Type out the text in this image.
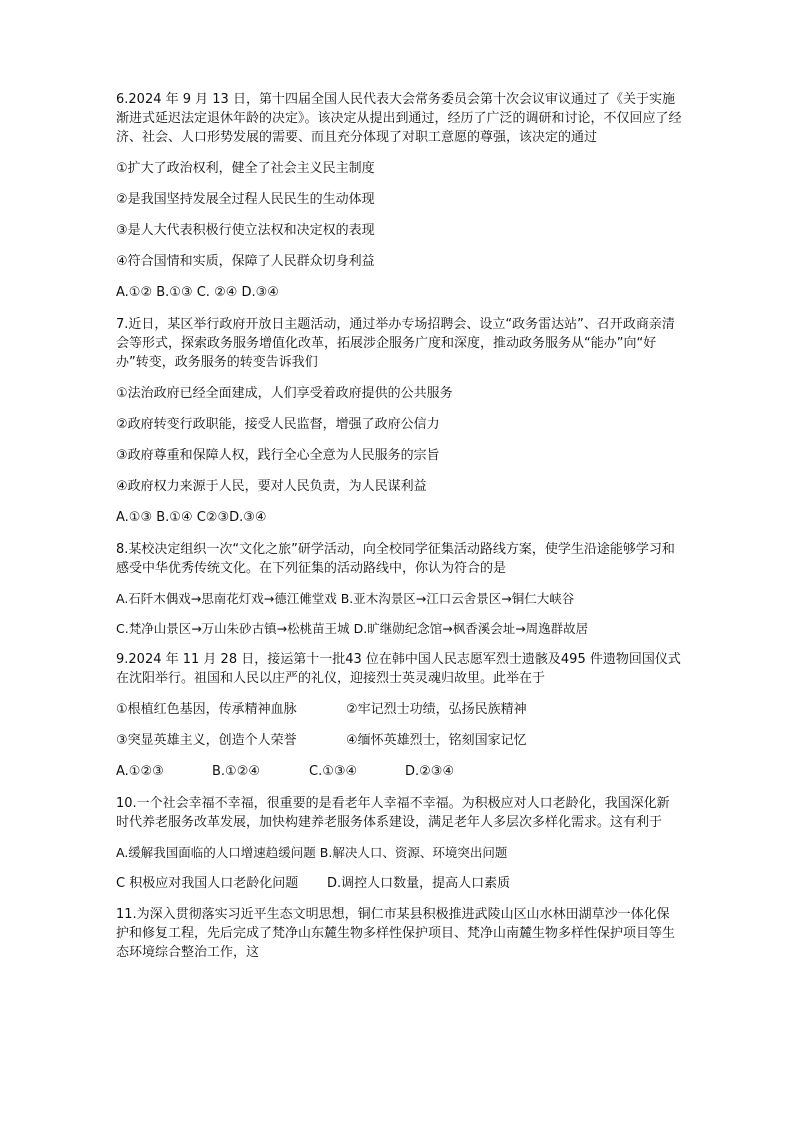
6.2024 年 9 月 13 日，第十四届全国人民代表大会常务委员会第十次会议审议通过了《关于实施渐进式延迟法定退休年龄的决定》。该决定从提出到通过，经历了广泛的调研和讨论，不仅回应了经济、社会、人口形势发展的需要、而且充分体现了对职工意愿的尊强，该决定的通过

①扩大了政治权利，健全了社会主义民主制度

②是我国坚持发展全过程人民民生的生动体现

③是人大代表积极行使立法权和决定权的表现

④符合国情和实质，保障了人民群众切身利益

A.①② B.①③ C. ②④ D.③④

7.近日，某区举行政府开放日主题活动，通过举办专场招聘会、设立“政务雷达站”、召开政商亲清会等形式，探索政务服务增值化改革，拓展涉企服务广度和深度，推动政务服务从“能办”向“好办”转变，政务服务的转变告诉我们

①法治政府已经全面建成，人们享受着政府提供的公共服务

②政府转变行政职能，接受人民监督，增强了政府公信力

③政府尊重和保障人权，践行全心全意为人民服务的宗旨

④政府权力来源于人民，要对人民负责，为人民谋利益

A.①③ B.①④ C②③D.③④

8.某校决定组织一次“文化之旅”研学活动，向全校同学征集活动路线方案，使学生沿途能够学习和感受中华优秀传统文化。在下列征集的活动路线中，你认为符合的是

A.石阡木偶戏→思南花灯戏→德江傩堂戏 B.亚木沟景区→江口云舍景区→铜仁大峡谷

C.梵净山景区→万山朱砂古镇→松桃苗王城 D.旷继勋纪念馆→枫香溪会址→周逸群故居

9.2024 年 11 月 28 日，接运第十一批43 位在韩中国人民志愿军烈士遗骸及495 件遗物回国仪式在沈阳举行。祖国和人民以庄严的礼仪，迎接烈士英灵魂归故里。此举在于

①根植红色基因，传承精神血脉	②牢记烈士功绩，弘扬民族精神
③突显英雄主义，创造个人荣誉	④缅怀英雄烈士，铭刻国家记忆
A.①②③	B.①②④	C.①③④	D.②③④

10.一个社会幸福不幸福，很重要的是看老年人幸福不幸福。为积极应对人口老龄化，我国深化新时代养老服务改革发展，加快构建养老服务体系建设，满足老年人多层次多样化需求。这有利于

A.缓解我国面临的人口增速趋缓问题 B.解决人口、资源、环境突出问题

C 积极应对我国人口老龄化问题	D.调控人口数量，提高人口素质

11.为深入贯彻落实习近平生态文明思想，铜仁市某县积极推进武陵山区山水林田湖草沙一体化保护和修复工程，先后完成了梵净山东麓生物多样性保护项目、梵净山南麓生物多样性保护项目等生态环境综合整治工作，这
